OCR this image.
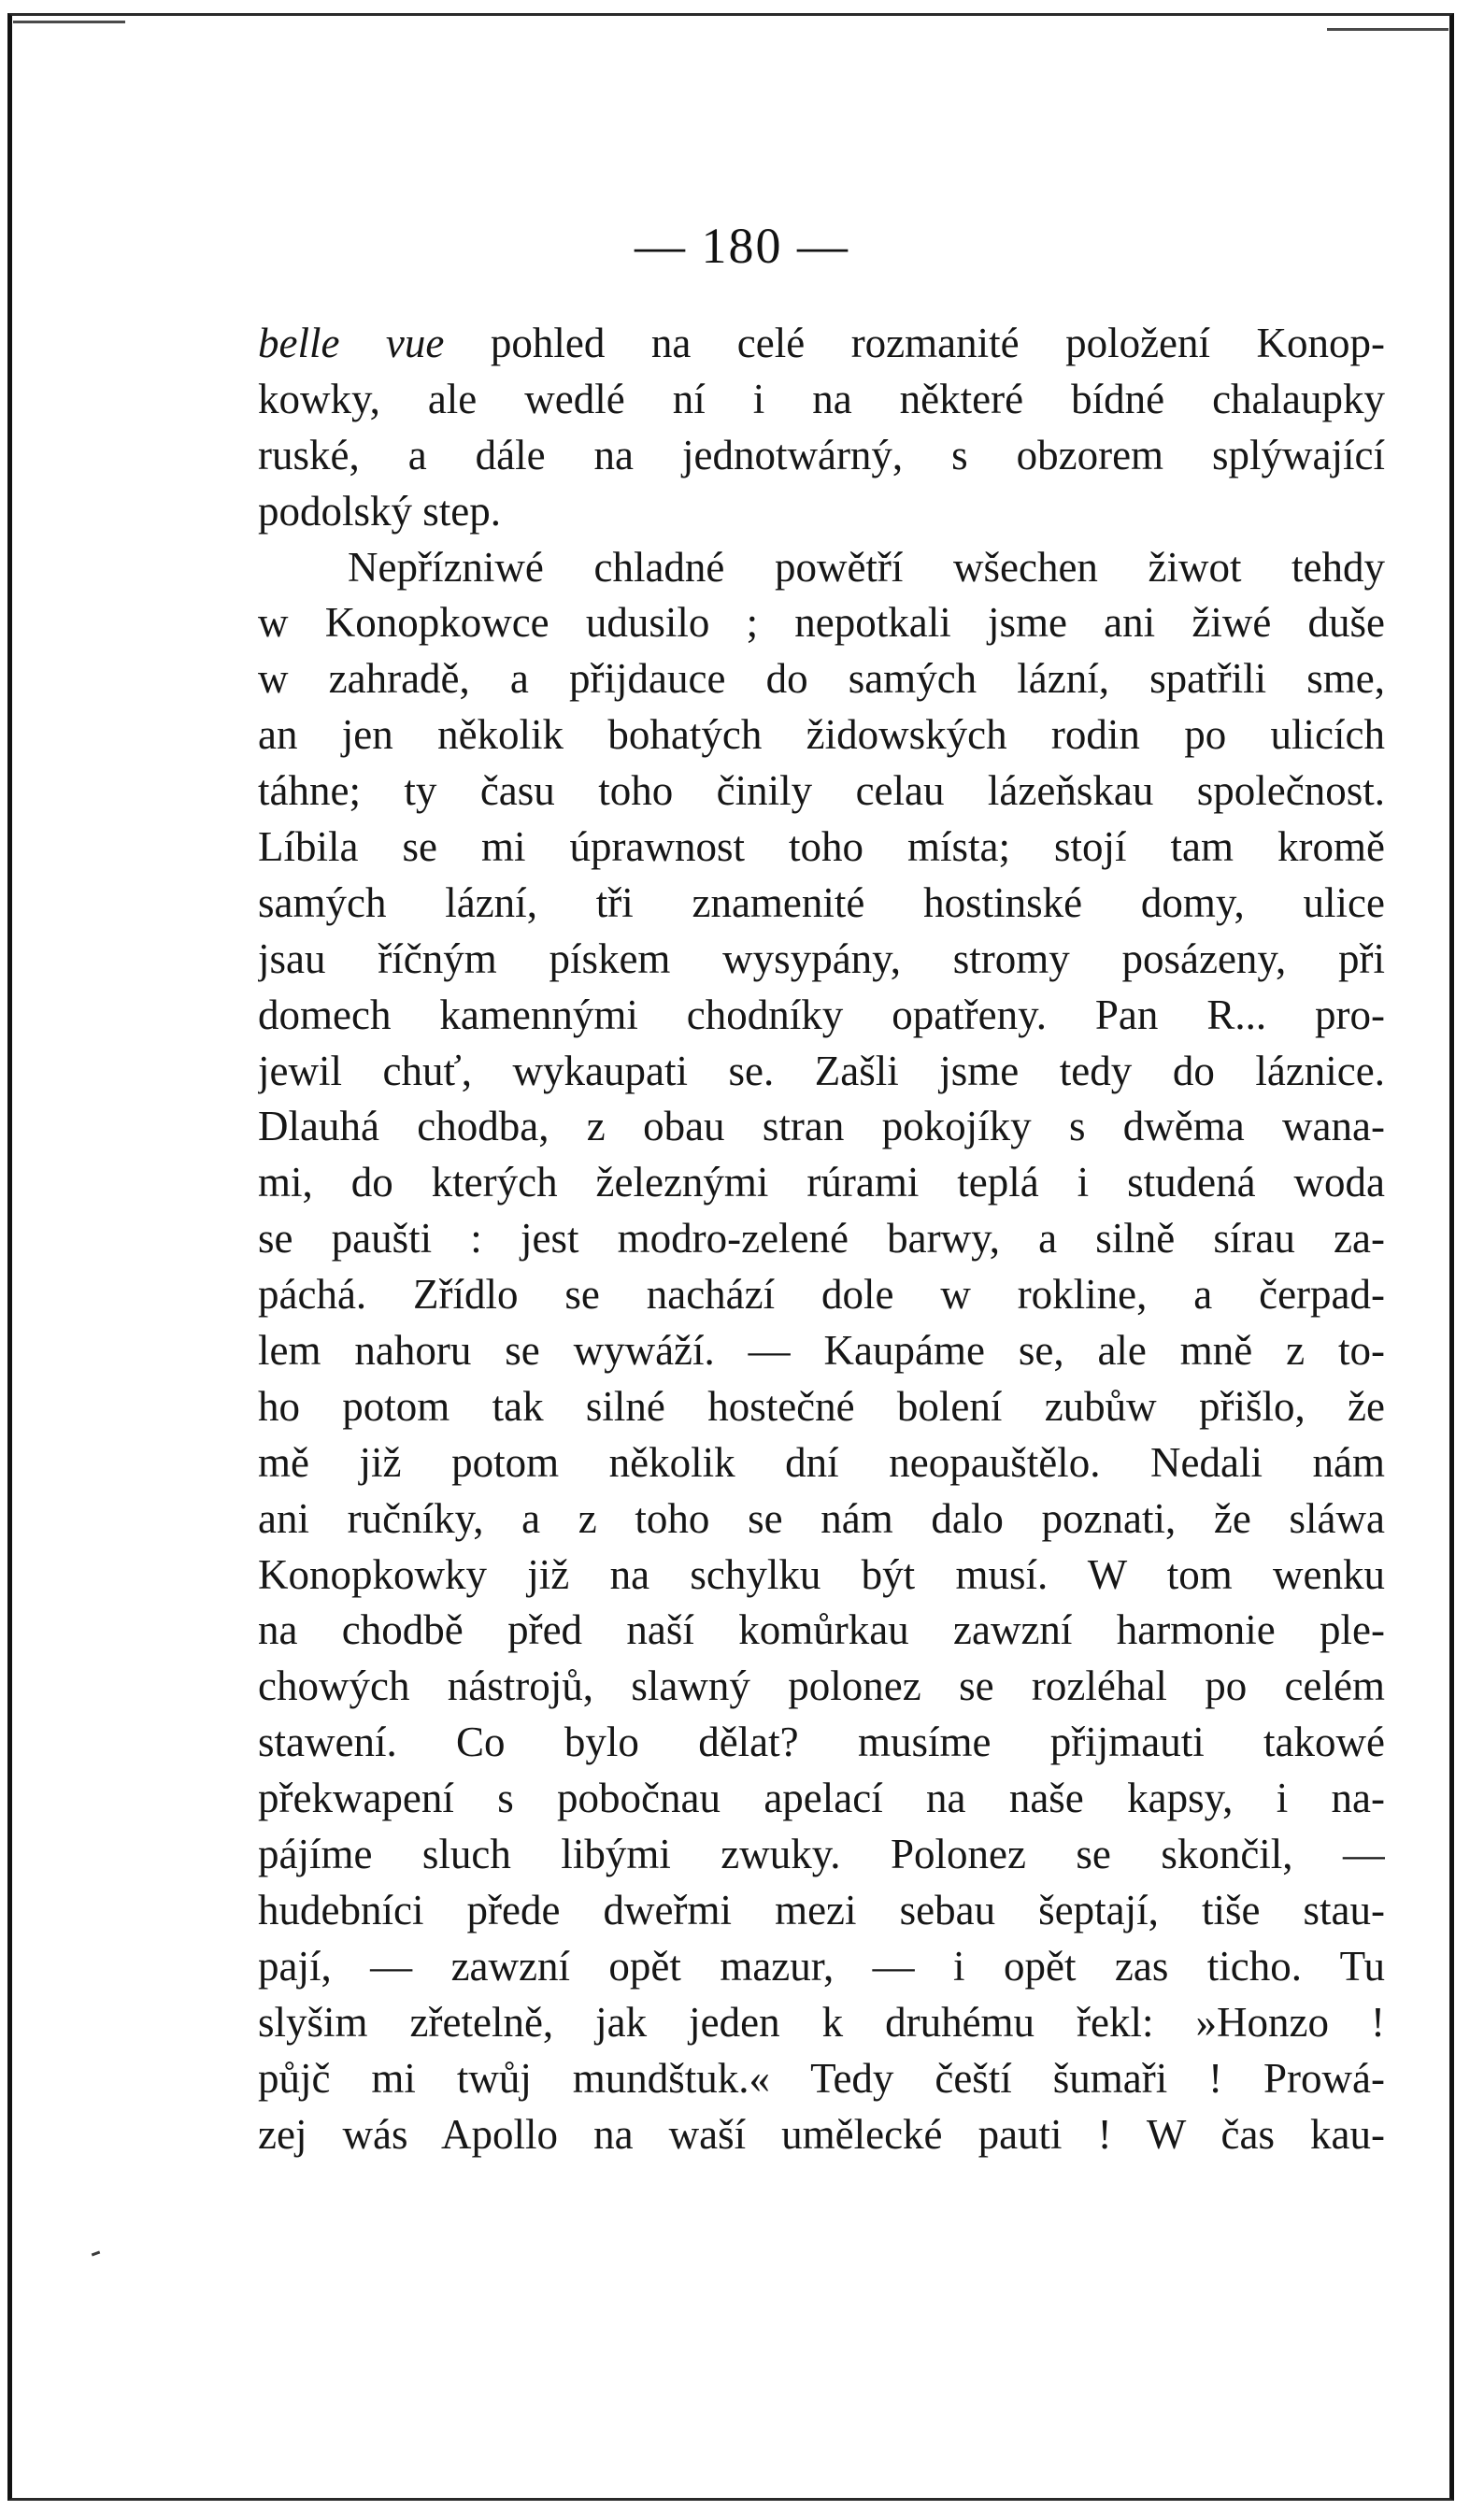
— 180 —
belle vue pohled na celé rozmanité položení Konop-
kowky, ale wedlé ní i na některé bídné chalaupky
ruské, a dále na jednotwárný, s obzorem splýwající
podolský step.
Nepřízniwé chladné powětří wšechen žiwot tehdy
w Konopkowce udusilo ; nepotkali jsme ani žiwé duše
w zahradě, a přijdauce do samých lázní, spatřili sme,
an jen několik bohatých židowských rodin po ulicích
táhne; ty času toho činily celau lázeňskau společnost.
Líbila se mi úprawnost toho místa; stojí tam kromě
samých lázní, tři znamenité hostinské domy, ulice
jsau říčným pískem wysypány, stromy posázeny, při
domech kamennými chodníky opatřeny. Pan R... pro-
jewil chuť, wykaupati se. Zašli jsme tedy do láznice.
Dlauhá chodba, z obau stran pokojíky s dwěma wana-
mi, do kterých železnými rúrami teplá i studená woda
se paušti : jest modro-zelené barwy, a silně sírau za-
páchá. Zřídlo se nachází dole w rokline, a čerpad-
lem nahoru se wywáží. — Kaupáme se, ale mně z to-
ho potom tak silné hostečné bolení zubůw přišlo, že
mě již potom několik dní neopauštělo. Nedali nám
ani ručníky, a z toho se nám dalo poznati, že sláwa
Konopkowky již na schylku být musí. W tom wenku
na chodbě před naší komůrkau zawzní harmonie ple-
chowých nástrojů, slawný polonez se rozléhal po celém
stawení. Co bylo dělat? musíme přijmauti takowé
překwapení s pobočnau apelací na naše kapsy, i na-
pájíme sluch libými zwuky. Polonez se skončil, —
hudebníci přede dweřmi mezi sebau šeptají, tiše stau-
pají, — zawzní opět mazur, — i opět zas ticho. Tu
slyšim zřetelně, jak jeden k druhému řekl: »Honzo !
půjč mi twůj mundštuk.« Tedy čeští šumaři ! Prowá-
zej wás Apollo na waší umělecké pauti ! W čas kau-
